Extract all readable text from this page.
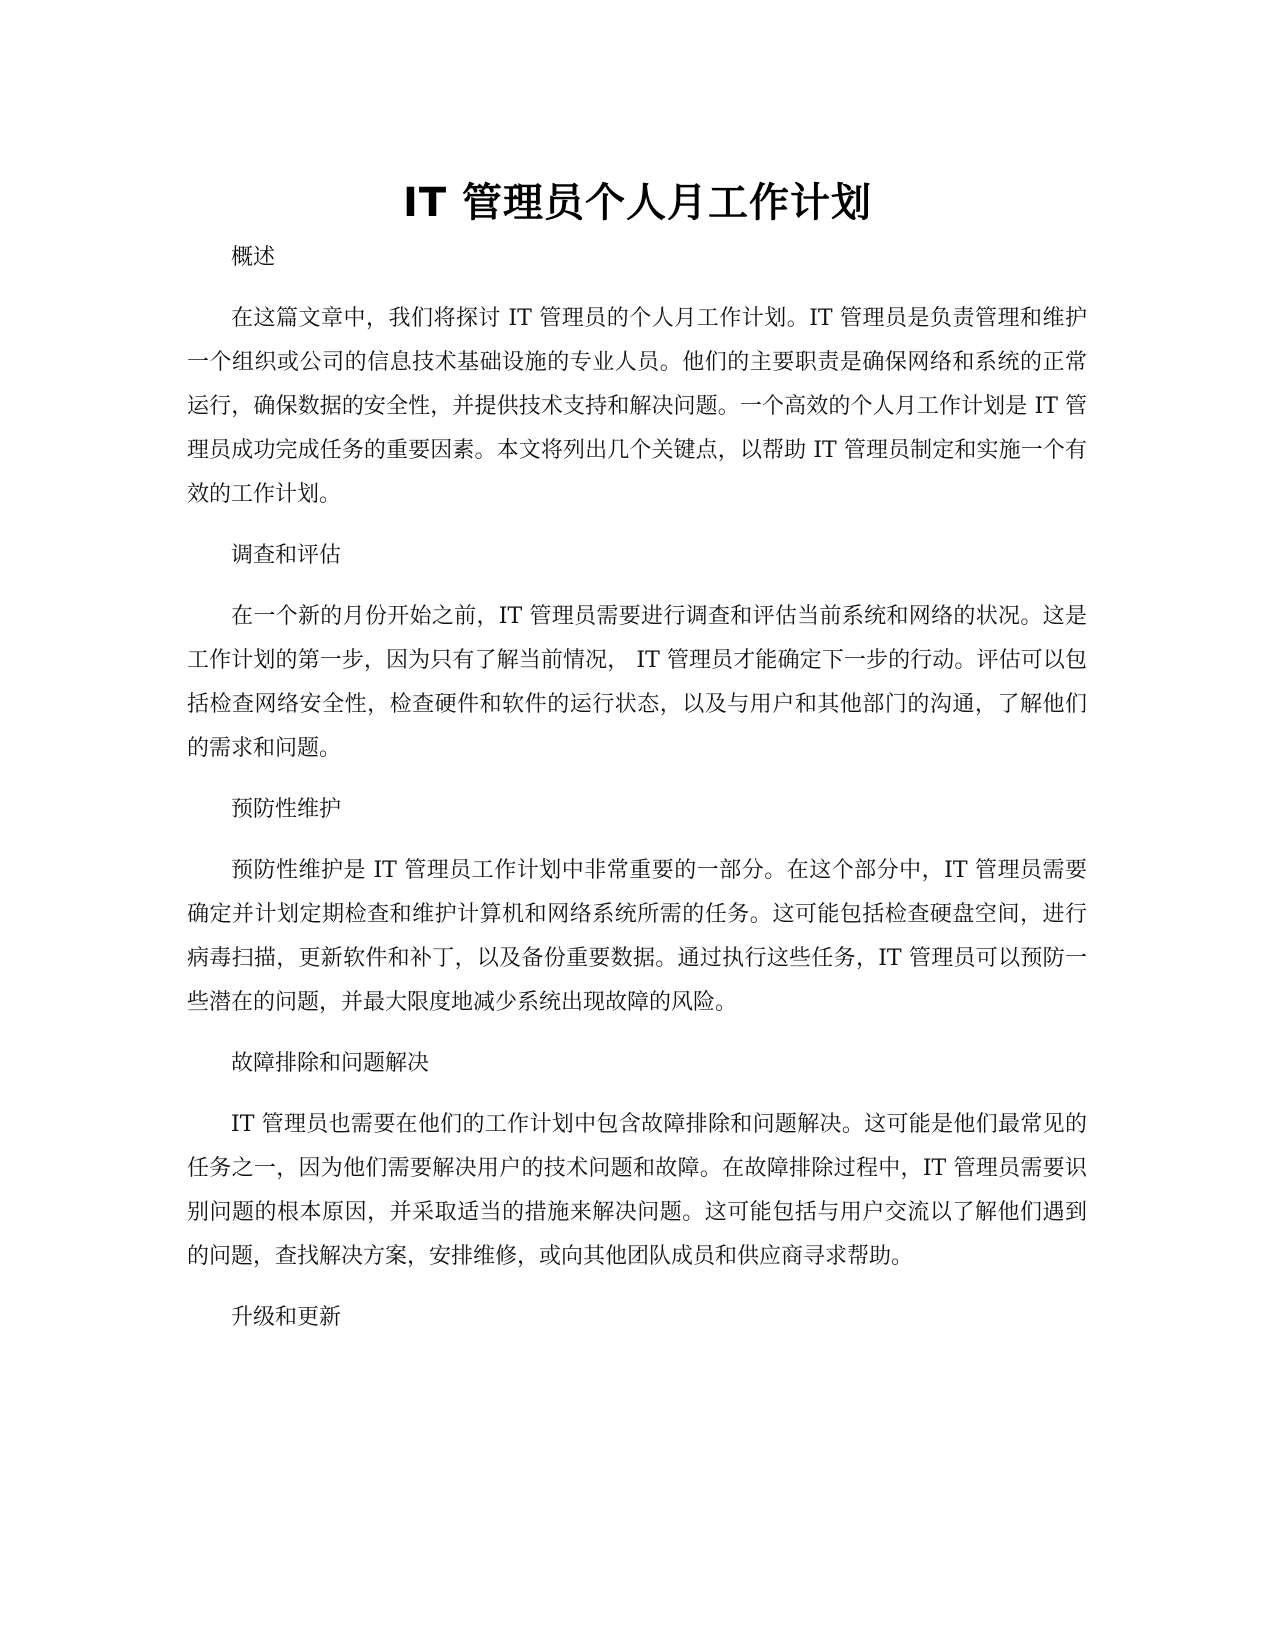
IT 管理员个人月工作计划
概述

在这篇文章中，我们将探讨 IT 管理员的个人月工作计划。IT 管理员是负责管理和维护一个组织或公司的信息技术基础设施的专业人员。他们的主要职责是确保网络和系统的正常运行，确保数据的安全性，并提供技术支持和解决问题。一个高效的个人月工作计划是 IT 管理员成功完成任务的重要因素。本文将列出几个关键点，以帮助 IT 管理员制定和实施一个有效的工作计划。

调查和评估

在一个新的月份开始之前，IT 管理员需要进行调查和评估当前系统和网络的状况。这是工作计划的第一步，因为只有了解当前情况， IT 管理员才能确定下一步的行动。评估可以包括检查网络安全性，检查硬件和软件的运行状态，以及与用户和其他部门的沟通，了解他们的需求和问题。

预防性维护

预防性维护是 IT 管理员工作计划中非常重要的一部分。在这个部分中，IT 管理员需要确定并计划定期检查和维护计算机和网络系统所需的任务。这可能包括检查硬盘空间，进行病毒扫描，更新软件和补丁，以及备份重要数据。通过执行这些任务，IT 管理员可以预防一些潜在的问题，并最大限度地减少系统出现故障的风险。

故障排除和问题解决

IT 管理员也需要在他们的工作计划中包含故障排除和问题解决。这可能是他们最常见的任务之一，因为他们需要解决用户的技术问题和故障。在故障排除过程中，IT 管理员需要识别问题的根本原因，并采取适当的措施来解决问题。这可能包括与用户交流以了解他们遇到的问题，查找解决方案，安排维修，或向其他团队成员和供应商寻求帮助。

升级和更新
